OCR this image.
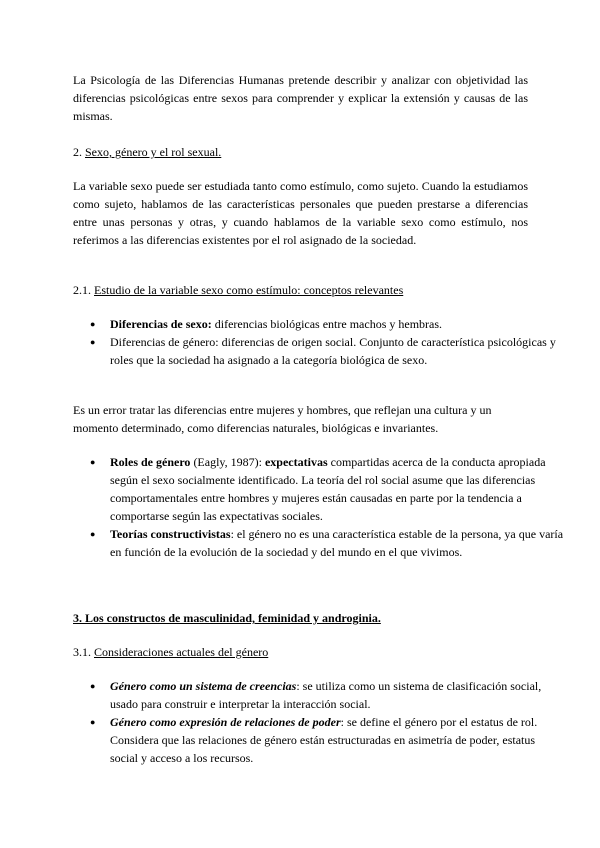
La Psicología de las Diferencias Humanas pretende describir y analizar con objetividad las diferencias psicológicas entre sexos para comprender y explicar la extensión y causas de las mismas.

2. Sexo, género y el rol sexual.

La variable sexo puede ser estudiada tanto como estímulo, como sujeto. Cuando la estudiamos como sujeto, hablamos de las características personales que pueden prestarse a diferencias entre unas personas y otras, y cuando hablamos de la variable sexo como estímulo, nos referimos a las diferencias existentes por el rol asignado de la sociedad.

2.1. Estudio de la variable sexo como estímulo: conceptos relevantes

● Diferencias de sexo: diferencias biológicas entre machos y hembras.
● Diferencias de género: diferencias de origen social. Conjunto de característica psicológicas y roles que la sociedad ha asignado a la categoría biológica de sexo.

Es un error tratar las diferencias entre mujeres y hombres, que reflejan una cultura y un momento determinado, como diferencias naturales, biológicas e invariantes.

● Roles de género (Eagly, 1987): expectativas compartidas acerca de la conducta apropiada según el sexo socialmente identificado. La teoría del rol social asume que las diferencias comportamentales entre hombres y mujeres están causadas en parte por la tendencia a comportarse según las expectativas sociales.
● Teorías constructivistas: el género no es una característica estable de la persona, ya que varía en función de la evolución de la sociedad y del mundo en el que vivimos.

3. Los constructos de masculinidad, feminidad y androginia.

3.1. Consideraciones actuales del género

● Género como un sistema de creencias: se utiliza como un sistema de clasificación social, usado para construir e interpretar la interacción social.
● Género como expresión de relaciones de poder: se define el género por el estatus de rol. Considera que las relaciones de género están estructuradas en asimetría de poder, estatus social y acceso a los recursos.
